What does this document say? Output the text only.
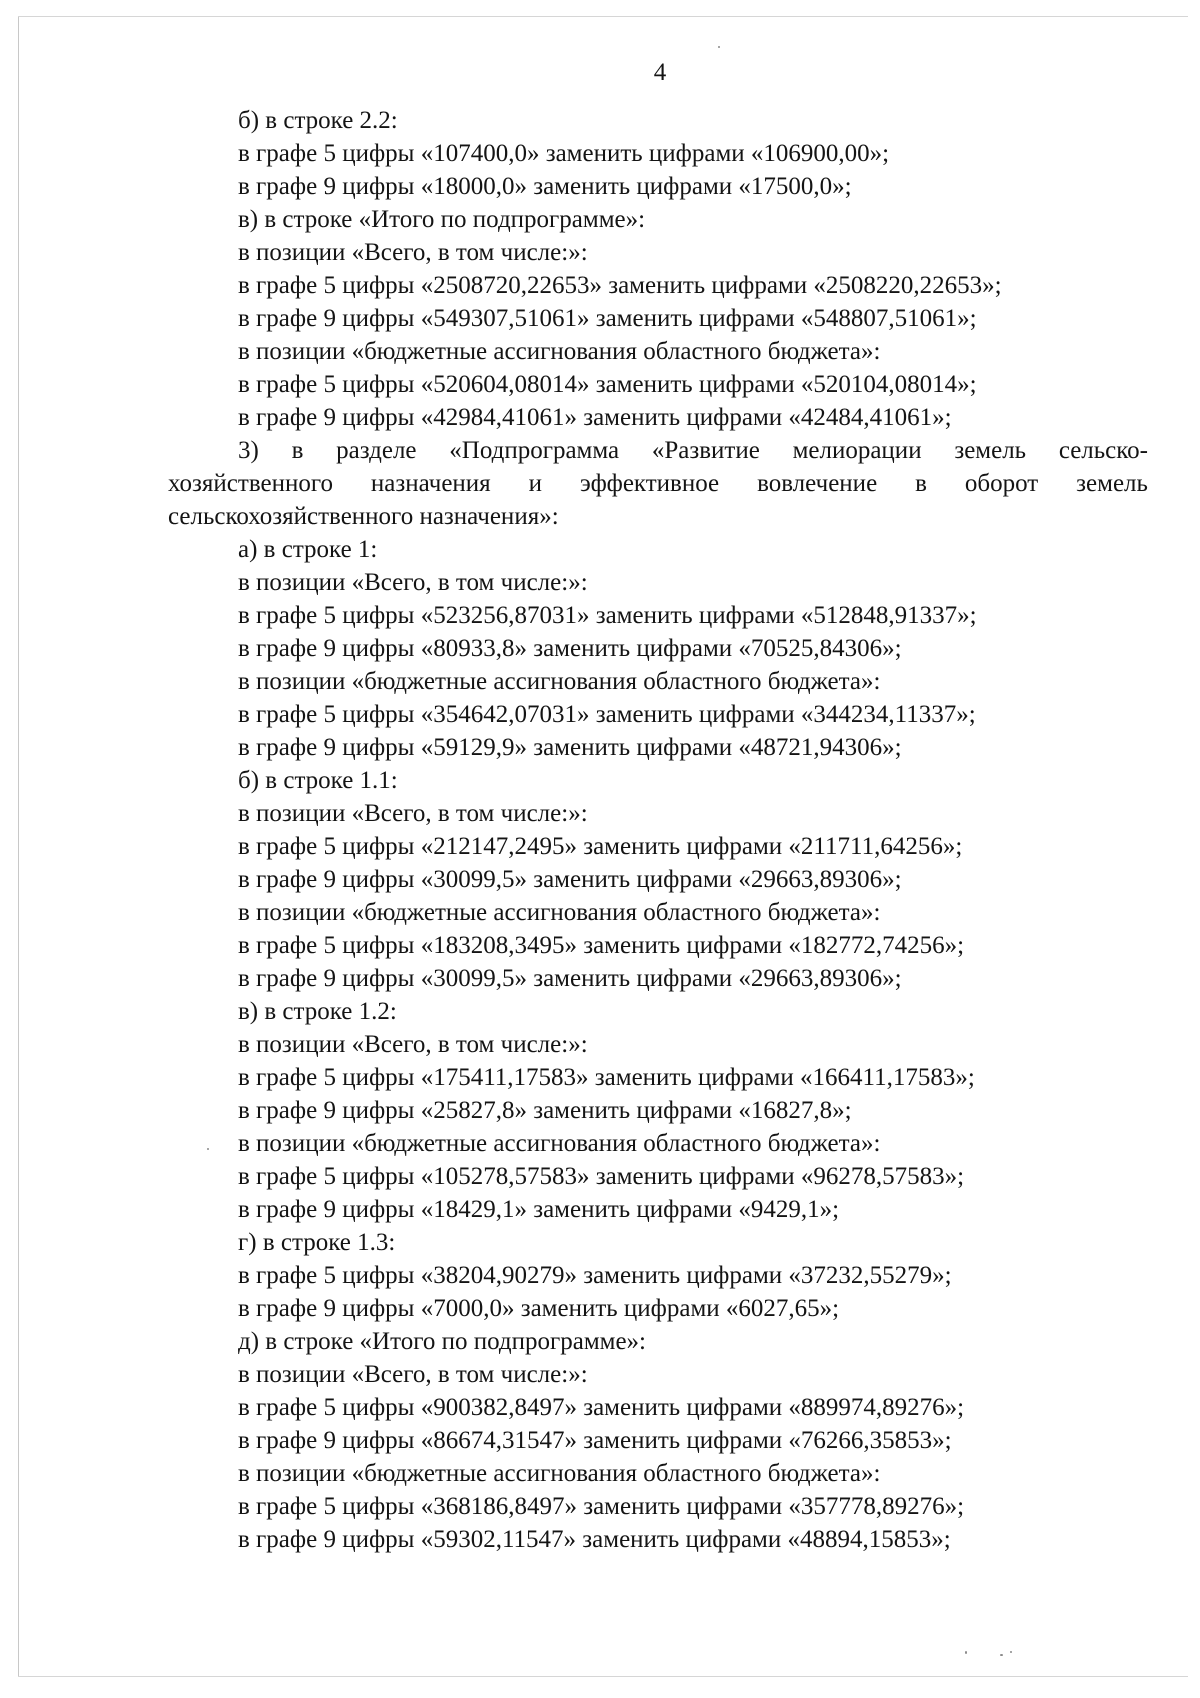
4

б) в строке 2.2:

в графе 5 цифры «107400,0» заменить цифрами «106900,00»;

в графе 9 цифры «18000,0» заменить цифрами «17500,0»;

в) в строке «Итого по подпрограмме»:

в позиции «Всего, в том числе:»:

в графе 5 цифры «2508720,22653» заменить цифрами «2508220,22653»;

в графе 9 цифры «549307,51061» заменить цифрами «548807,51061»;

в позиции «бюджетные ассигнования областного бюджета»:

в графе 5 цифры «520604,08014» заменить цифрами «520104,08014»;

в графе 9 цифры «42984,41061» заменить цифрами «42484,41061»;

3) в разделе «Подпрограмма «Развитие мелиорации земель сельско-
хозяйственного назначения и эффективное вовлечение в оборот земель

сельскохозяйственного назначения»:

а) в строке 1:

в позиции «Всего, в том числе:»:

в графе 5 цифры «523256,87031» заменить цифрами «512848,91337»;

в графе 9 цифры «80933,8» заменить цифрами «70525,84306»;

в позиции «бюджетные ассигнования областного бюджета»:

в графе 5 цифры «354642,07031» заменить цифрами «344234,11337»;

в графе 9 цифры «59129,9» заменить цифрами «48721,94306»;

б) в строке 1.1:

в позиции «Всего, в том числе:»:

в графе 5 цифры «212147,2495» заменить цифрами «211711,64256»;

в графе 9 цифры «30099,5» заменить цифрами «29663,89306»;

в позиции «бюджетные ассигнования областного бюджета»:

в графе 5 цифры «183208,3495» заменить цифрами «182772,74256»;

в графе 9 цифры «30099,5» заменить цифрами «29663,89306»;

в) в строке 1.2:

в позиции «Всего, в том числе:»:

в графе 5 цифры «175411,17583» заменить цифрами «166411,17583»;

в графе 9 цифры «25827,8» заменить цифрами «16827,8»;

в позиции «бюджетные ассигнования областного бюджета»:

в графе 5 цифры «105278,57583» заменить цифрами «96278,57583»;

в графе 9 цифры «18429,1» заменить цифрами «9429,1»;

г) в строке 1.3:

в графе 5 цифры «38204,90279» заменить цифрами «37232,55279»;

в графе 9 цифры «7000,0» заменить цифрами «6027,65»;

д) в строке «Итого по подпрограмме»:

в позиции «Всего, в том числе:»:

в графе 5 цифры «900382,8497» заменить цифрами «889974,89276»;

в графе 9 цифры «86674,31547» заменить цифрами «76266,35853»;

в позиции «бюджетные ассигнования областного бюджета»:

в графе 5 цифры «368186,8497» заменить цифрами «357778,89276»;

в графе 9 цифры «59302,11547» заменить цифрами «48894,15853»;
